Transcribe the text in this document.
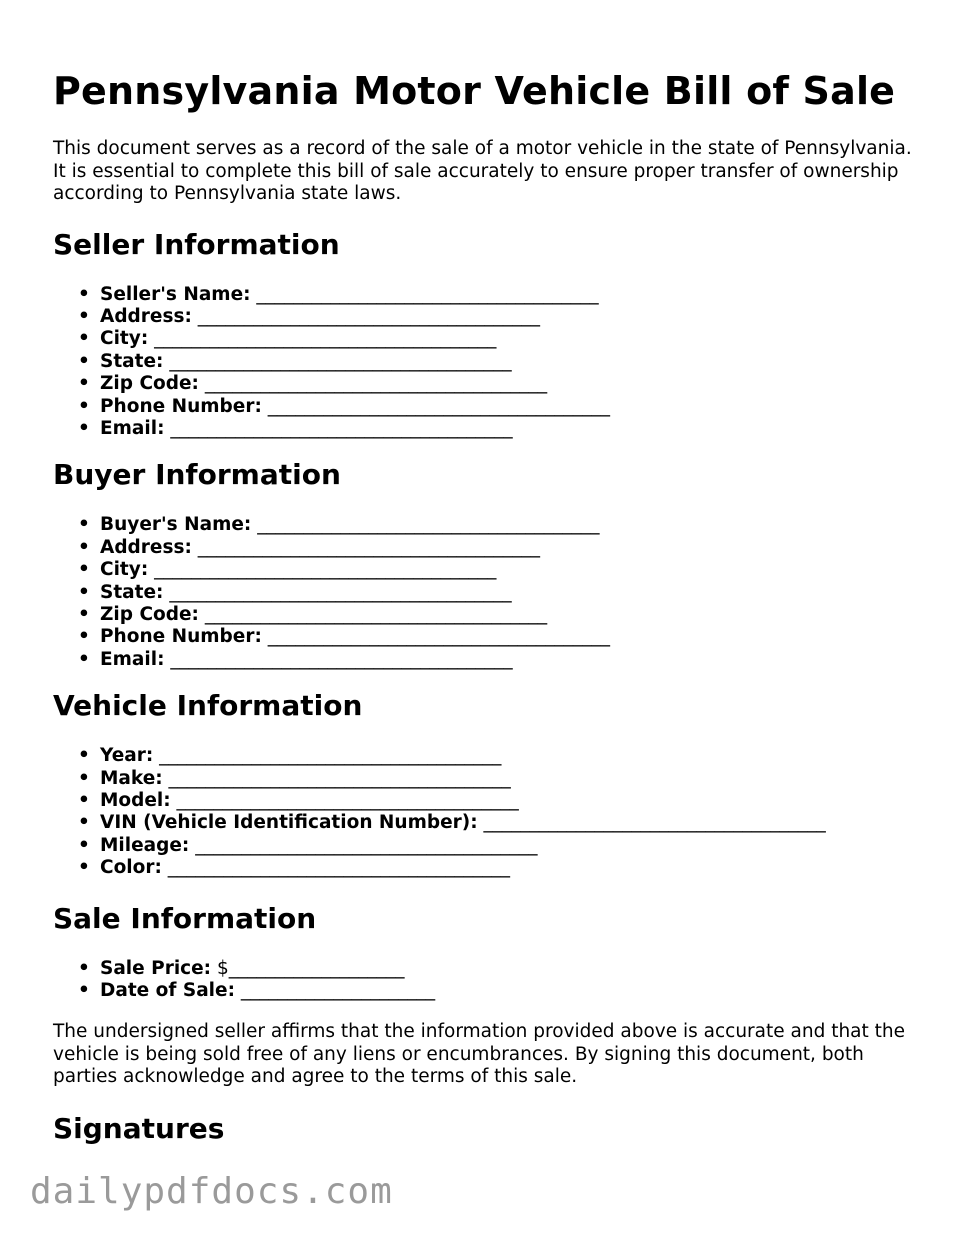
Pennsylvania Motor Vehicle Bill of Sale

This document serves as a record of the sale of a motor vehicle in the state of Pennsylvania. It is essential to complete this bill of sale accurately to ensure proper transfer of ownership according to Pennsylvania state laws.

Seller Information
• Seller's Name: _____________________________________
• Address: _____________________________________
• City: _____________________________________
• State: _____________________________________
• Zip Code: _____________________________________
• Phone Number: _____________________________________
• Email: _____________________________________
Buyer Information
• Buyer's Name: _____________________________________
• Address: _____________________________________
• City: _____________________________________
• State: _____________________________________
• Zip Code: _____________________________________
• Phone Number: _____________________________________
• Email: _____________________________________
Vehicle Information
• Year: _____________________________________
• Make: _____________________________________
• Model: _____________________________________
• VIN (Vehicle Identification Number): _____________________________________
• Mileage: _____________________________________
• Color: _____________________________________
Sale Information
• Sale Price: $___________________
• Date of Sale: _____________________

The undersigned seller affirms that the information provided above is accurate and that the vehicle is being sold free of any liens or encumbrances. By signing this document, both parties acknowledge and agree to the terms of this sale.

Signatures
dailypdfdocs.com
